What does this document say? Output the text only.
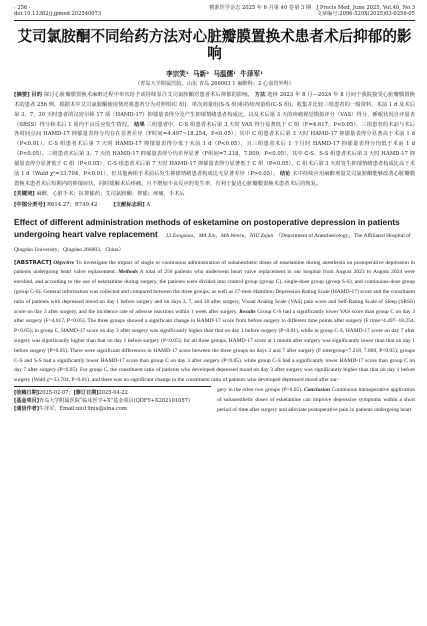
· 256 ·
doi:10.13362/j.jpmed.202540073
精准医学杂志 2025 年 6 月第 40 卷第 3 期  J Precis Med, June 2025, Vol.40, No.3
文章编号:2096-529X(2025)03-0256-05
艾司氯胺酮不同给药方法对心脏瓣膜置换术患者术后抑郁的影响
李宗笑¹ 马新² 马温儒¹ 牛泽军¹
（青岛大学附属医院，山东 青岛 266003 1 麻醉科；2 心血管外科）
[摘要] 目的 探讨心脏瓣膜置换术麻醉过程中单次给予或持续泵注艾司氯胺酮对患者术后抑郁的影响。 方法 选择 2023 年 8 月—2024 年 8 月间于我院接受心脏瓣膜置换术的患者 256 例，根据术中艾司氯胺酮使用情况将患者分为对照组(C 组)、单次剂量组(S-S 组)和持续剂量组(C-S 组)。收集并比较三组患者的一般资料，术前 1 d 及术后第 3、7、30 天时患者的汉密尔顿 17 项（HAMD-17）抑郁量表得分及产生抑郁情绪患者构成比，以及术后第 3 天的疼痛视觉模拟评分（VAS）得分、睡眠状况自评量表（SRSS）得分和术后 1 周内不良反应发生情况。 结果 三组患者中，C-S 组患者术后第 3 天时 VAS 得分显著低于 C 组（F=4.617，P<0.05）。三组患者的术前与术后各时间点间 HAMD-17 抑郁量表得分均存在显著差异（F时间=4.497~18.254，P<0.05）；其中 C 组患者术后第 3 天时 HAMD-17 抑郁量表得分显著高于术前 1 d（P<0.01），C-S 组患者术后第 7 天时 HAMD-17 抑郁量表得分低于术前 1 d（P<0.05），且三组患者术后 1 个月时 HAMD-17 抑郁量表得分均低于术前 1 d（P<0.05）。三组患者术后第 3、7 天的 HAMD-17 抑郁量表得分均差异显著（F组间=7.218，7.809，P<0.05），其中 C-S、S-S 组患者术后第 3 天时 HAMD-17 抑郁量表得分显著低于 C 组（P<0.05），C-S 组患者术后第 7 天时 HAMD-17 抑郁量表得分显著低于 C 组（P<0.05）。C 组术后第 3 天时发生抑郁情绪患者构成比高于术前 1 d（Wald χ²=33.704，P<0.01），但其他两组手术前后发生抑郁情绪患者构成比无显著差异（P>0.05）。 结论 术中持续应用麻醉剂量艾司氯胺酮能够改善心脏瓣膜置换术患者术后短期内的抑郁症状，同时缓解术后疼痛，且不增加不良反应的发生率，有利于促进心脏瓣膜置换术患者术后的恢复。
[关键词] 麻醉，心脏手术；抗抑郁药；艾司氯胺酮；抑郁；疼痛，手术后
[中图分类号] R614.27；R749.42	[文献标志码] A
Effect of different administration methods of esketamine on postoperative depression in patients undergoing heart valve replacement LI Zongxiao，MA Xin，MA Wenru，NIU Zejun （Department of Anesthesiology，The Affiliated Hospital of Qingdao University，Qingdao 266003，China）
[ABSTRACT] Objective To investigate the impact of single or continuous administration of subanesthetic doses of esketamine during anesthesia on postoperative depression in patients undergoing heart valve replacement. Methods A total of 256 patients who underwent heart valve replacement in our hospital from August 2023 to August 2024 were enrolled, and according to the use of esketamine during surgery, the patients were divided into control group (group C), single-dose group (group S-S), and continuous-dose group (group C-S). General information was collected and compared between the three groups, as well as 17-item Hamilton Depression Rating Scale (HAMD-17) score and the constituent ratio of patients with depressed mood on day 1 before surgery and on days 3, 7, and 30 after surgery, Visual Analog Scale (VAS) pain score and Self-Rating Scale of Sleep (SRSS) score on day 3 after surgery, and the incidence rate of adverse reactions within 1 week after surgery. Results Group C-S had a significantly lower VAS score than group C on day 3 after surgery (F=4.617, P<0.05). The three groups showed a significant change in HAMD-17 score from before surgery to different time points after surgery (F time=4.497−18.254, P<0.05); in group C, HAMD-17 score on day 3 after surgery was significantly higher than that on day 1 before surgery (P<0.01), while in group C-S, HAMD-17 score on day 7 after surgery was significantly higher than that on day 1 before surgery (P<0.05); for all three groups, HAMD-17 score at 1 month after surgery was significantly lower than that on day 1 before surgery (P<0.05). There were significant differences in HAMD-17 score between the three groups on days 3 and 7 after surgery (F intergroup=7.218, 7.809, P<0.05); groups C-S and S-S had a significantly lower HAMD-17 score than group C on day 3 after surgery (P<0.05), while group C-S had a significantly lower HAMD-17 score than group C on day 7 after surgery (P<0.05). For group C, the constituent ratio of patients who developed depressed mood on day 3 after surgery was significantly higher than that on day 1 before surgery (Wald χ²=33.704, P<0.01), and there was no significant change in the constituent ratio of patients who developed depressed mood after sur-
[收稿日期]2025-02-07；[修订日期]2025-04-22
[基金项目]青岛大学附属医院“临床医学+X”基金项目(QDFY+X202101057)
[通信作者]牛泽军，Email:niu19niu@sina.com
gery in the other two groups (P>0.05). Conclusion Continuous intraoperative application of subanesthetic doses of esketamine can improve depressive symptoms within a short period of time after surgery and alleviate postoperative pain in patients undergoing heart
